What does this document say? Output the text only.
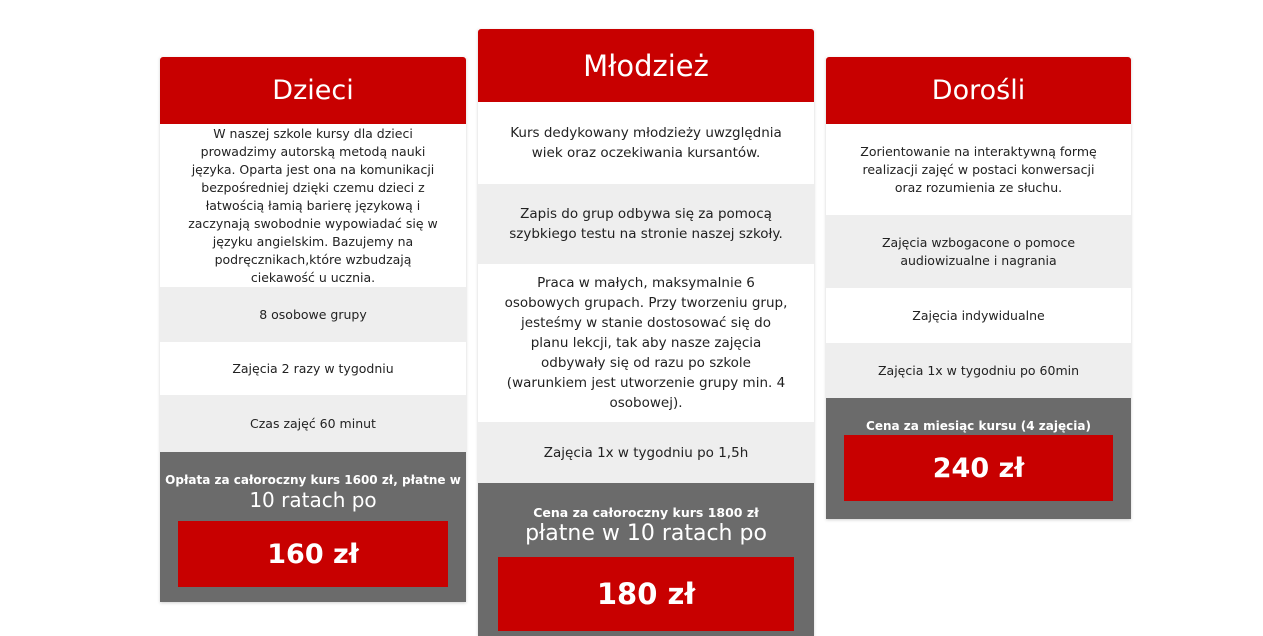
Dzieci
W naszej szkole kursy dla dzieci prowadzimy autorską metodą nauki języka. Oparta jest ona na komunikacji bezpośredniej dzięki czemu dzieci z łatwością łamią barierę językową i zaczynają swobodnie wypowiadać się w języku angielskim. Bazujemy na podręcznikach,które wzbudzają ciekawość u ucznia.
8 osobowe grupy
Zajęcia 2 razy w tygodniu
Czas zajęć 60 minut
Opłata za całoroczny kurs 1600 zł, płatne w
10 ratach po
160 zł
Młodzież
Kurs dedykowany młodzieży uwzględnia wiek oraz oczekiwania kursantów.
Zapis do grup odbywa się za pomocą szybkiego testu na stronie naszej szkoły.
Praca w małych, maksymalnie 6 osobowych grupach. Przy tworzeniu grup, jesteśmy w stanie dostosować się do planu lekcji, tak aby nasze zajęcia odbywały się od razu po szkole (warunkiem jest utworzenie grupy min. 4 osobowej).
Zajęcia 1x w tygodniu po 1,5h
Cena za całoroczny kurs 1800 zł
płatne w 10 ratach po
180 zł
Dorośli
Zorientowanie na interaktywną formę realizacji zajęć w postaci konwersacji oraz rozumienia ze słuchu.
Zajęcia wzbogacone o pomoce audiowizualne i nagrania
Zajęcia indywidualne
Zajęcia 1x w tygodniu po 60min
Cena za miesiąc kursu (4 zajęcia)
240 zł
